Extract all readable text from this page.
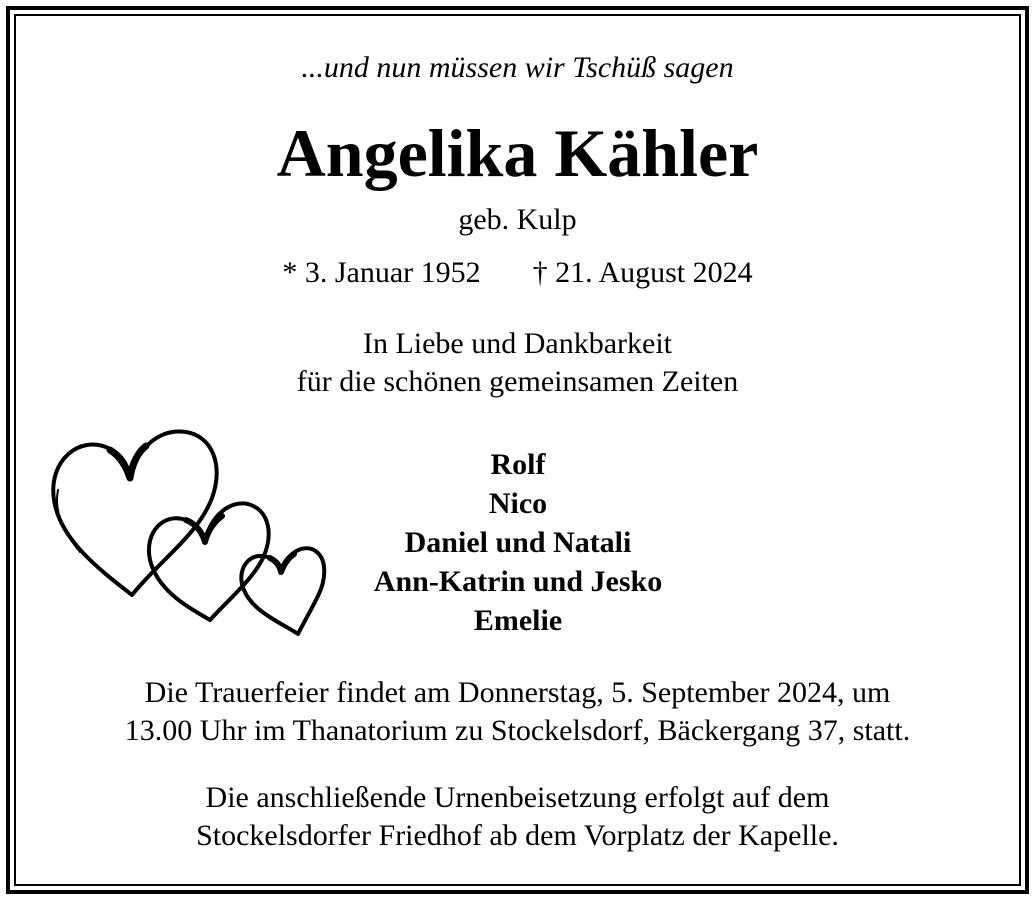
...und nun müssen wir Tschüß sagen
Angelika Kähler
geb. Kulp
* 3. Januar 1952 † 21. August 2024
In Liebe und Dankbarkeit
für die schönen gemeinsamen Zeiten
Rolf
Nico
Daniel und Natali
Ann-Katrin und Jesko
Emelie
Die Trauerfeier findet am Donnerstag, 5. September 2024, um
13.00 Uhr im Thanatorium zu Stockelsdorf, Bäckergang 37, statt.
Die anschließende Urnenbeisetzung erfolgt auf dem
Stockelsdorfer Friedhof ab dem Vorplatz der Kapelle.
